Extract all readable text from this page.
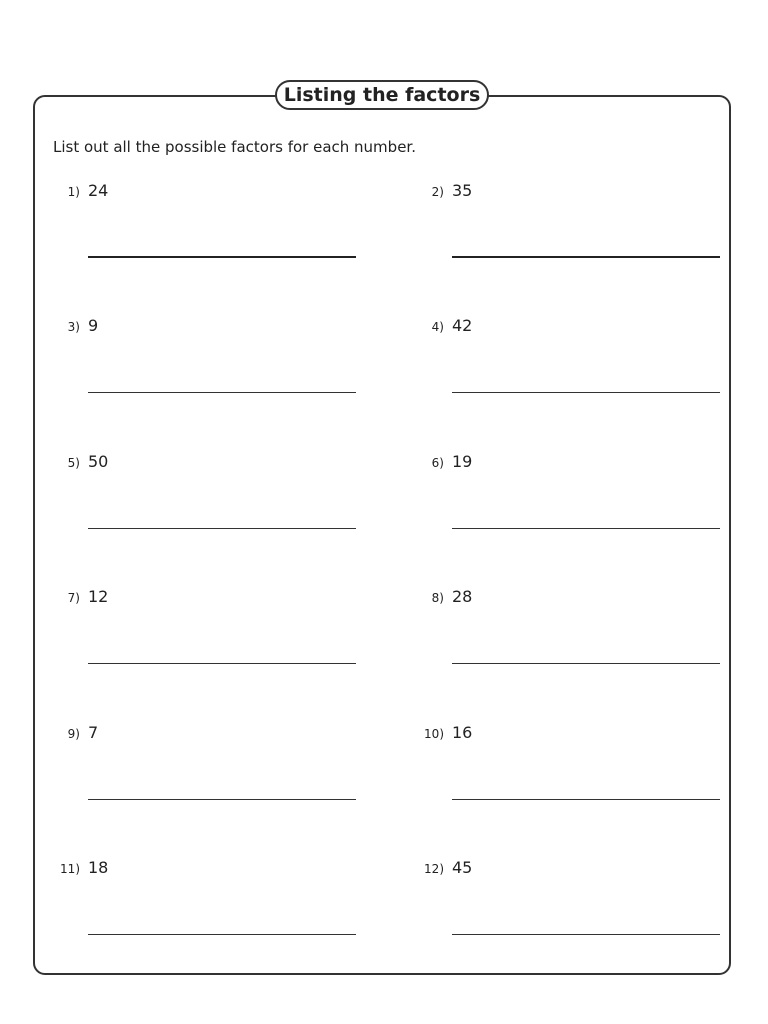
Listing the factors
List out all the possible factors for each number.
1) 24	2) 35
3) 9	4) 42
5) 50	6) 19
7) 12	8) 28
9) 7	10) 16
11) 18	12) 45
